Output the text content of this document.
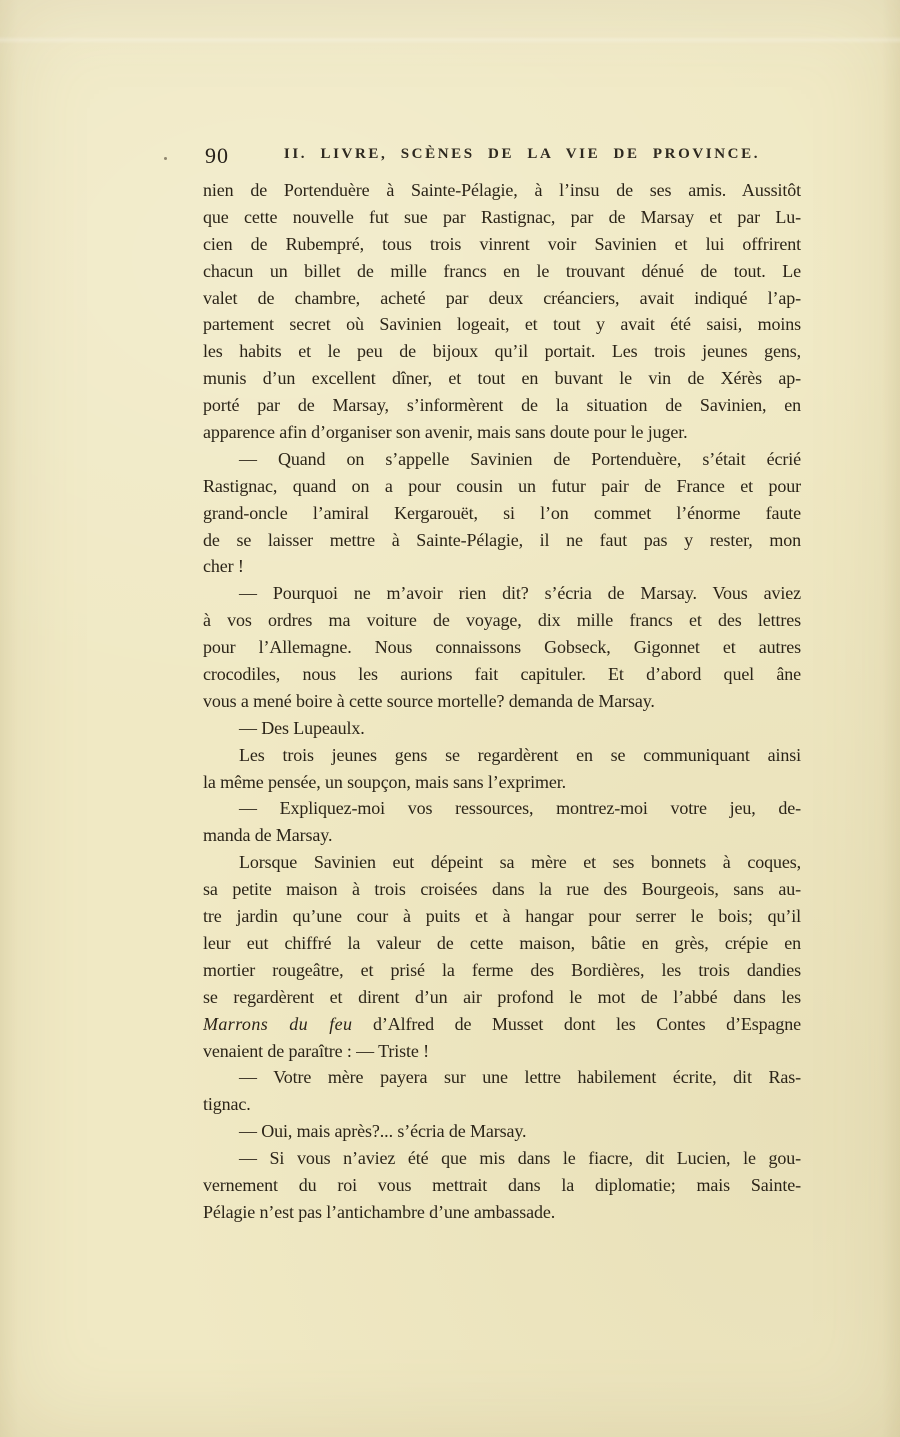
90	II. LIVRE, SCÈNES DE LA VIE DE PROVINCE.
nien de Portenduère à Sainte-Pélagie, à l’insu de ses amis. Aussitôt
que cette nouvelle fut sue par Rastignac, par de Marsay et par Lu-
cien de Rubempré, tous trois vinrent voir Savinien et lui offrirent
chacun un billet de mille francs en le trouvant dénué de tout. Le
valet de chambre, acheté par deux créanciers, avait indiqué l’ap-
partement secret où Savinien logeait, et tout y avait été saisi, moins
les habits et le peu de bijoux qu’il portait. Les trois jeunes gens,
munis d’un excellent dîner, et tout en buvant le vin de Xérès ap-
porté par de Marsay, s’informèrent de la situation de Savinien, en
apparence afin d’organiser son avenir, mais sans doute pour le juger.
— Quand on s’appelle Savinien de Portenduère, s’était écrié
Rastignac, quand on a pour cousin un futur pair de France et pour
grand-oncle l’amiral Kergarouët, si l’on commet l’énorme faute
de se laisser mettre à Sainte-Pélagie, il ne faut pas y rester, mon
cher !
— Pourquoi ne m’avoir rien dit? s’écria de Marsay. Vous aviez
à vos ordres ma voiture de voyage, dix mille francs et des lettres
pour l’Allemagne. Nous connaissons Gobseck, Gigonnet et autres
crocodiles, nous les aurions fait capituler. Et d’abord quel âne
vous a mené boire à cette source mortelle? demanda de Marsay.
— Des Lupeaulx.
Les trois jeunes gens se regardèrent en se communiquant ainsi
la même pensée, un soupçon, mais sans l’exprimer.
— Expliquez-moi vos ressources, montrez-moi votre jeu, de-
manda de Marsay.
Lorsque Savinien eut dépeint sa mère et ses bonnets à coques,
sa petite maison à trois croisées dans la rue des Bourgeois, sans au-
tre jardin qu’une cour à puits et à hangar pour serrer le bois; qu’il
leur eut chiffré la valeur de cette maison, bâtie en grès, crépie en
mortier rougeâtre, et prisé la ferme des Bordières, les trois dandies
se regardèrent et dirent d’un air profond le mot de l’abbé dans les
Marrons du feu d’Alfred de Musset dont les Contes d’Espagne
venaient de paraître : — Triste !
— Votre mère payera sur une lettre habilement écrite, dit Ras-
tignac.
— Oui, mais après?... s’écria de Marsay.
— Si vous n’aviez été que mis dans le fiacre, dit Lucien, le gou-
vernement du roi vous mettrait dans la diplomatie; mais Sainte-
Pélagie n’est pas l’antichambre d’une ambassade.
